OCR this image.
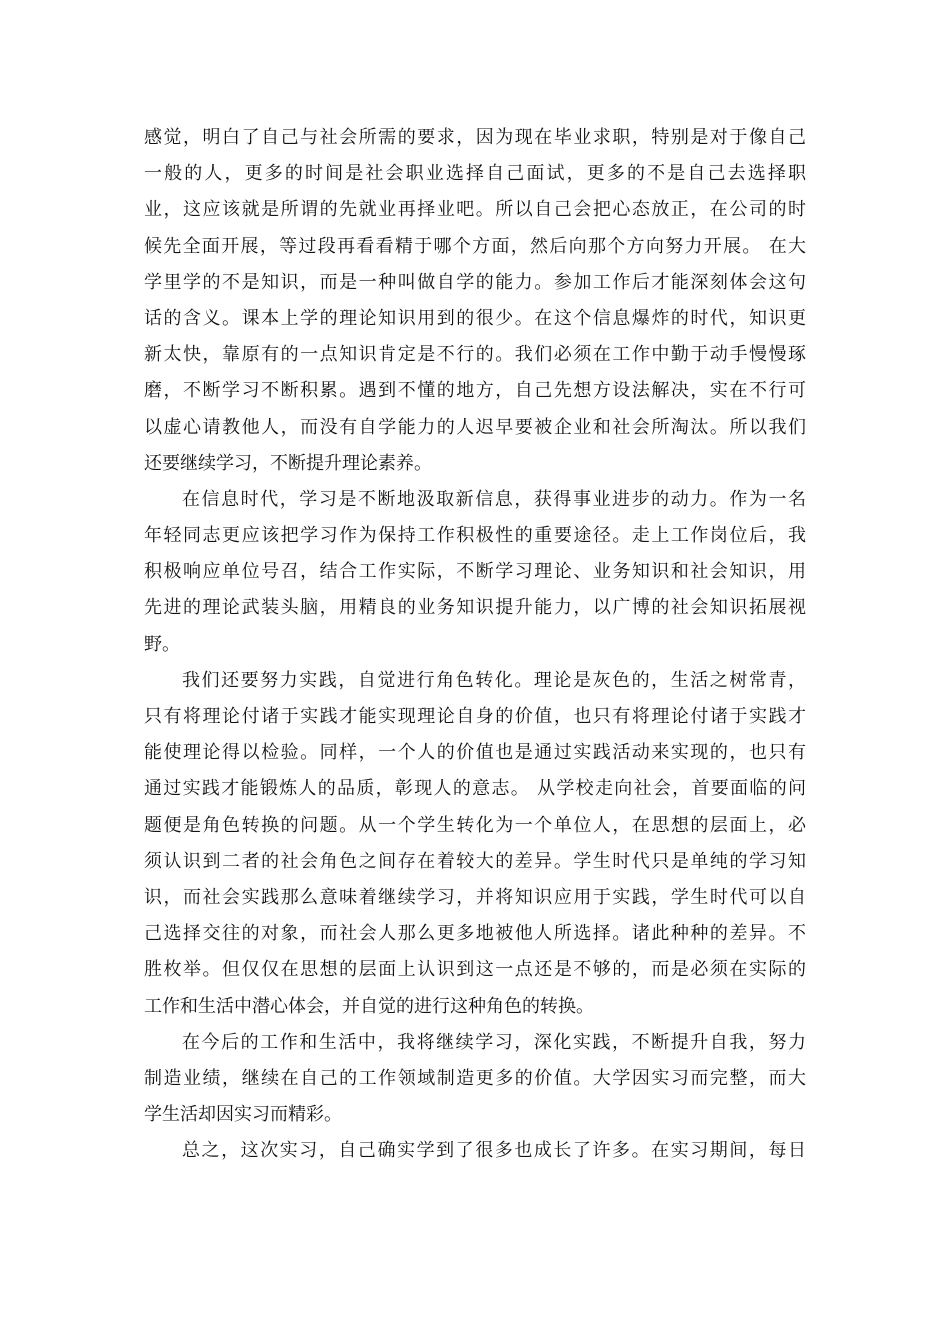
感觉，明白了自己与社会所需的要求，因为现在毕业求职，特别是对于像自己
一般的人，更多的时间是社会职业选择自己面试，更多的不是自己去选择职
业，这应该就是所谓的先就业再择业吧。所以自己会把心态放正，在公司的时
候先全面开展，等过段再看看精于哪个方面，然后向那个方向努力开展。 在大
学里学的不是知识，而是一种叫做自学的能力。参加工作后才能深刻体会这句
话的含义。课本上学的理论知识用到的很少。在这个信息爆炸的时代，知识更
新太快，靠原有的一点知识肯定是不行的。我们必须在工作中勤于动手慢慢琢
磨，不断学习不断积累。遇到不懂的地方，自己先想方设法解决，实在不行可
以虚心请教他人，而没有自学能力的人迟早要被企业和社会所淘汰。所以我们
还要继续学习，不断提升理论素养。
在信息时代，学习是不断地汲取新信息，获得事业进步的动力。作为一名
年轻同志更应该把学习作为保持工作积极性的重要途径。走上工作岗位后，我
积极响应单位号召，结合工作实际，不断学习理论、业务知识和社会知识，用
先进的理论武装头脑，用精良的业务知识提升能力，以广博的社会知识拓展视
野。
我们还要努力实践，自觉进行角色转化。理论是灰色的，生活之树常青，
只有将理论付诸于实践才能实现理论自身的价值，也只有将理论付诸于实践才
能使理论得以检验。同样，一个人的价值也是通过实践活动来实现的，也只有
通过实践才能锻炼人的品质，彰现人的意志。 从学校走向社会，首要面临的问
题便是角色转换的问题。从一个学生转化为一个单位人，在思想的层面上，必
须认识到二者的社会角色之间存在着较大的差异。学生时代只是单纯的学习知
识，而社会实践那么意味着继续学习，并将知识应用于实践，学生时代可以自
己选择交往的对象，而社会人那么更多地被他人所选择。诸此种种的差异。不
胜枚举。但仅仅在思想的层面上认识到这一点还是不够的，而是必须在实际的
工作和生活中潜心体会，并自觉的进行这种角色的转换。
在今后的工作和生活中，我将继续学习，深化实践，不断提升自我，努力
制造业绩，继续在自己的工作领域制造更多的价值。大学因实习而完整，而大
学生活却因实习而精彩。
总之，这次实习，自己确实学到了很多也成长了许多。在实习期间，每日
